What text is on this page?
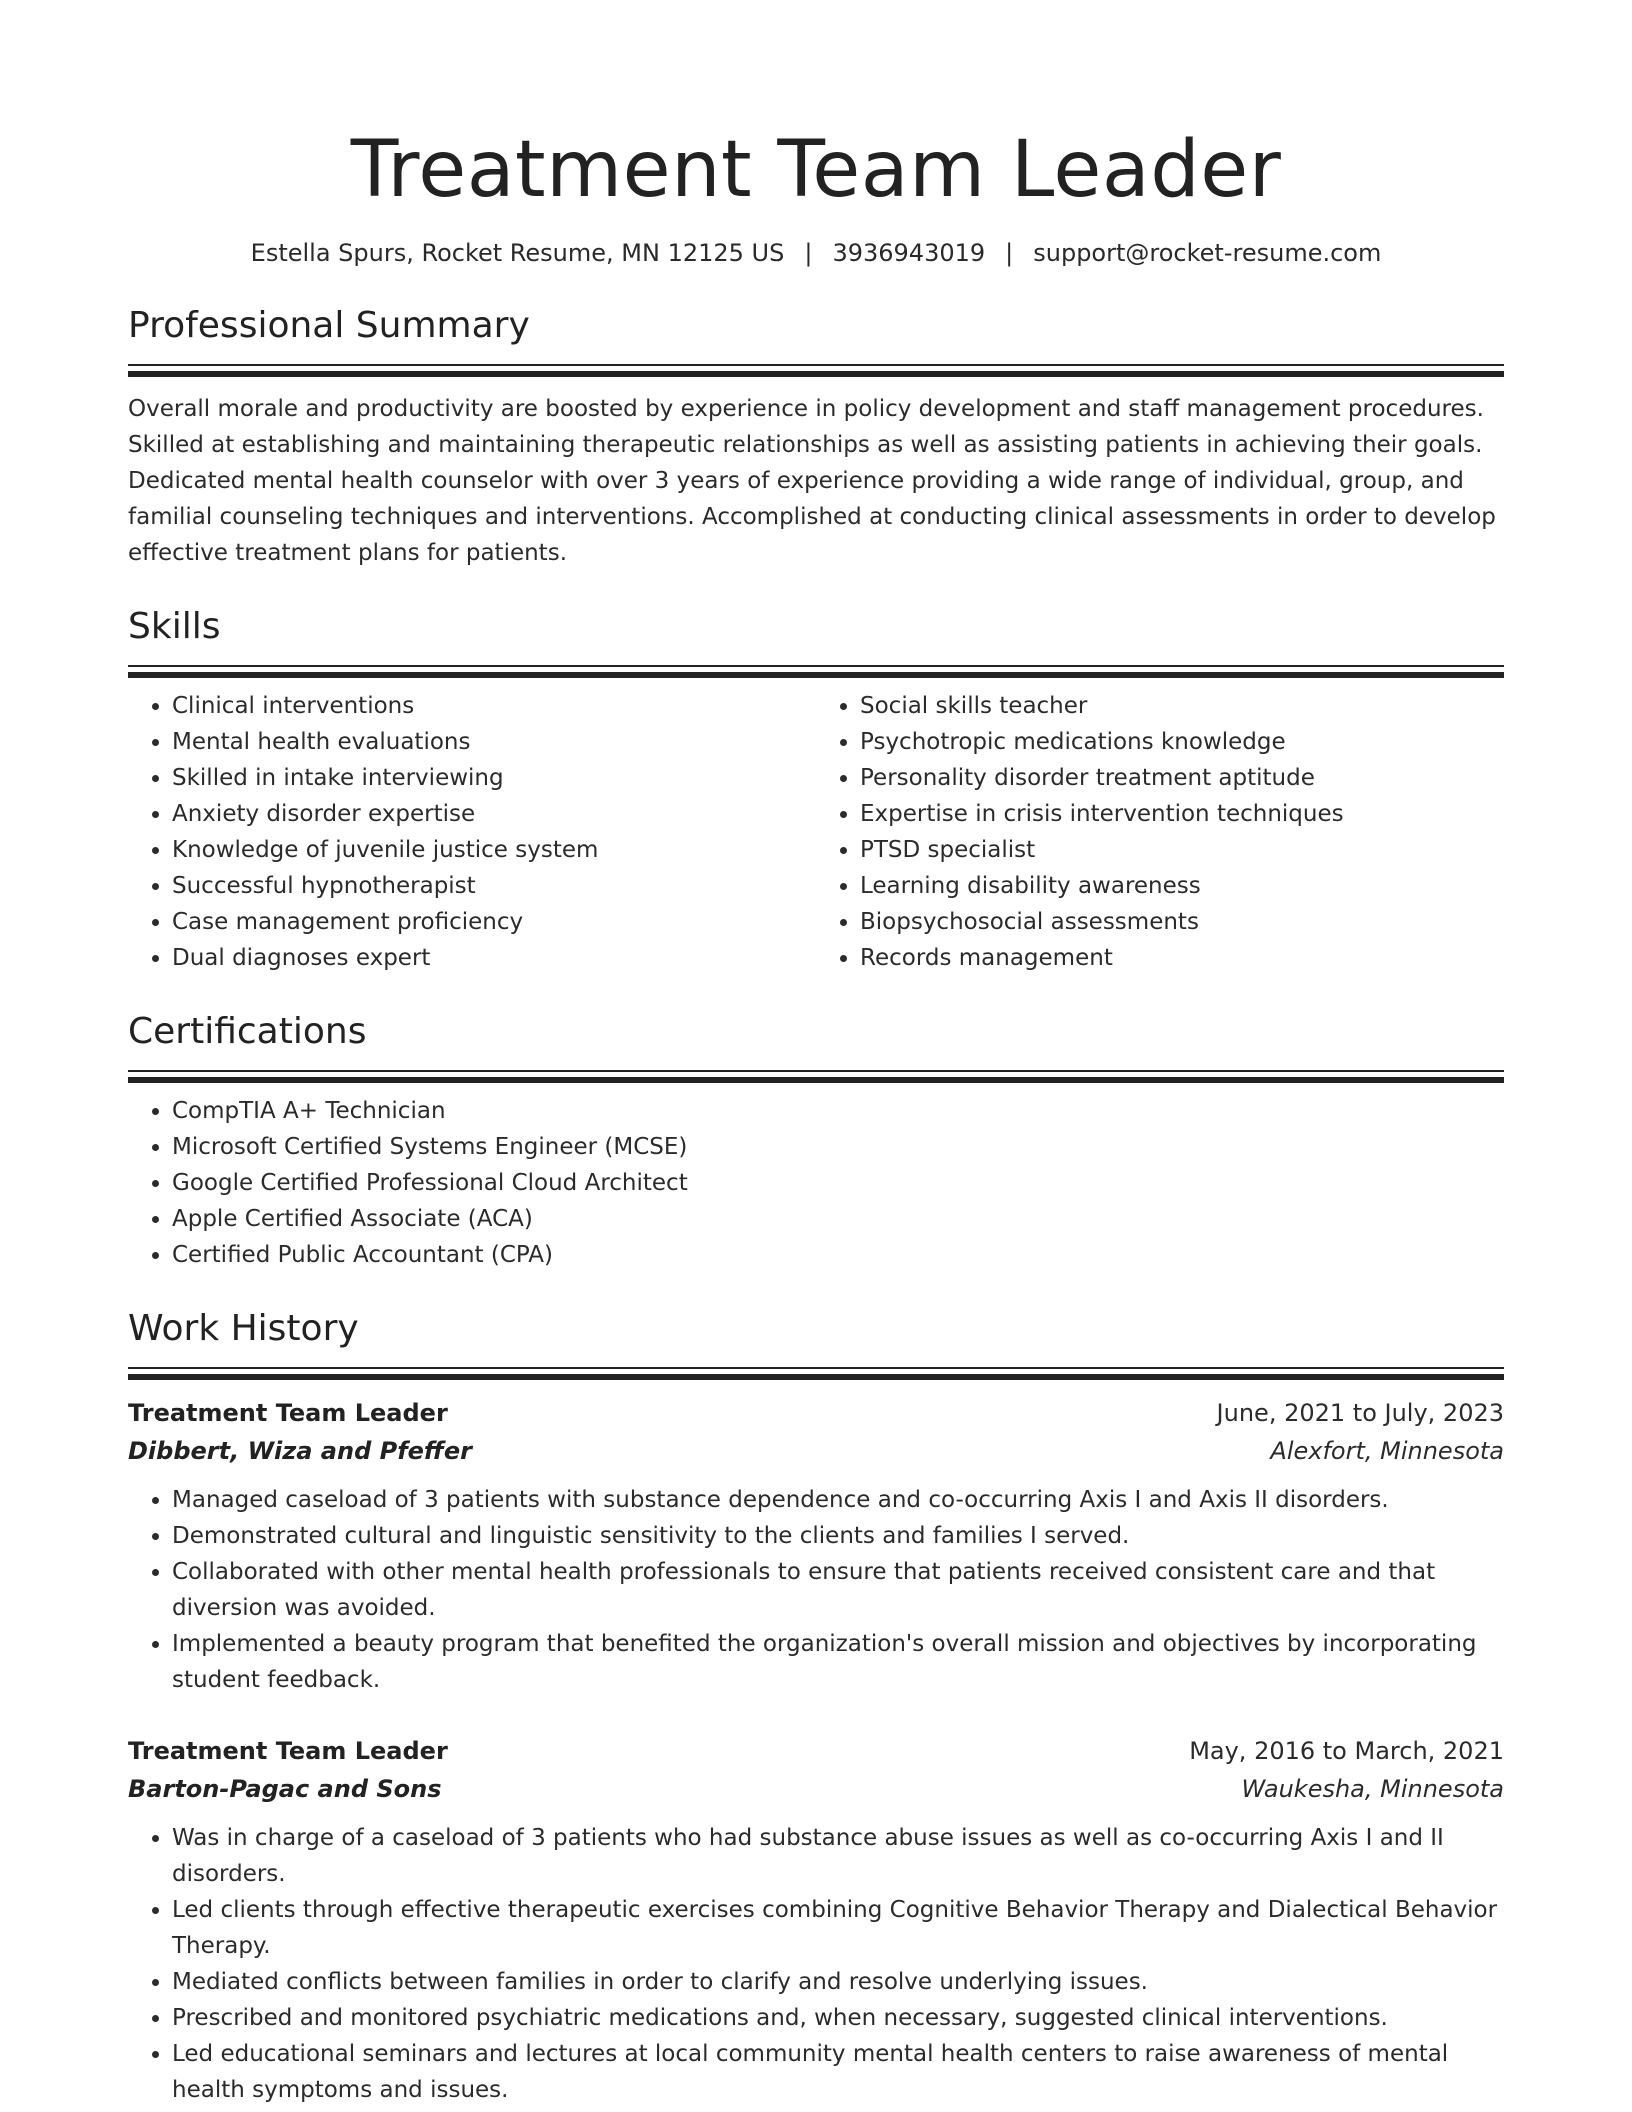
Treatment Team Leader
Estella Spurs, Rocket Resume, MN 12125 US | 3936943019 | support@rocket-resume.com
Professional Summary

Overall morale and productivity are boosted by experience in policy development and staff management procedures. Skilled at establishing and maintaining therapeutic relationships as well as assisting patients in achieving their goals. Dedicated mental health counselor with over 3 years of experience providing a wide range of individual, group, and familial counseling techniques and interventions. Accomplished at conducting clinical assessments in order to develop effective treatment plans for patients.

Skills
• Clinical interventions
• Mental health evaluations
• Skilled in intake interviewing
• Anxiety disorder expertise
• Knowledge of juvenile justice system
• Successful hypnotherapist
• Case management proficiency
• Dual diagnoses expert
• Social skills teacher
• Psychotropic medications knowledge
• Personality disorder treatment aptitude
• Expertise in crisis intervention techniques
• PTSD specialist
• Learning disability awareness
• Biopsychosocial assessments
• Records management
Certifications
• CompTIA A+ Technician
• Microsoft Certified Systems Engineer (MCSE)
• Google Certified Professional Cloud Architect
• Apple Certified Associate (ACA)
• Certified Public Accountant (CPA)
Work History
Treatment Team Leader	June, 2021 to July, 2023
Dibbert, Wiza and Pfeffer	Alexfort, Minnesota
• Managed caseload of 3 patients with substance dependence and co-occurring Axis I and Axis II disorders.
• Demonstrated cultural and linguistic sensitivity to the clients and families I served.
• Collaborated with other mental health professionals to ensure that patients received consistent care and that diversion was avoided.
• Implemented a beauty program that benefited the organization's overall mission and objectives by incorporating student feedback.
Treatment Team Leader	May, 2016 to March, 2021
Barton-Pagac and Sons	Waukesha, Minnesota
• Was in charge of a caseload of 3 patients who had substance abuse issues as well as co-occurring Axis I and II disorders.
• Led clients through effective therapeutic exercises combining Cognitive Behavior Therapy and Dialectical Behavior Therapy.
• Mediated conflicts between families in order to clarify and resolve underlying issues.
• Prescribed and monitored psychiatric medications and, when necessary, suggested clinical interventions.
• Led educational seminars and lectures at local community mental health centers to raise awareness of mental health symptoms and issues.
